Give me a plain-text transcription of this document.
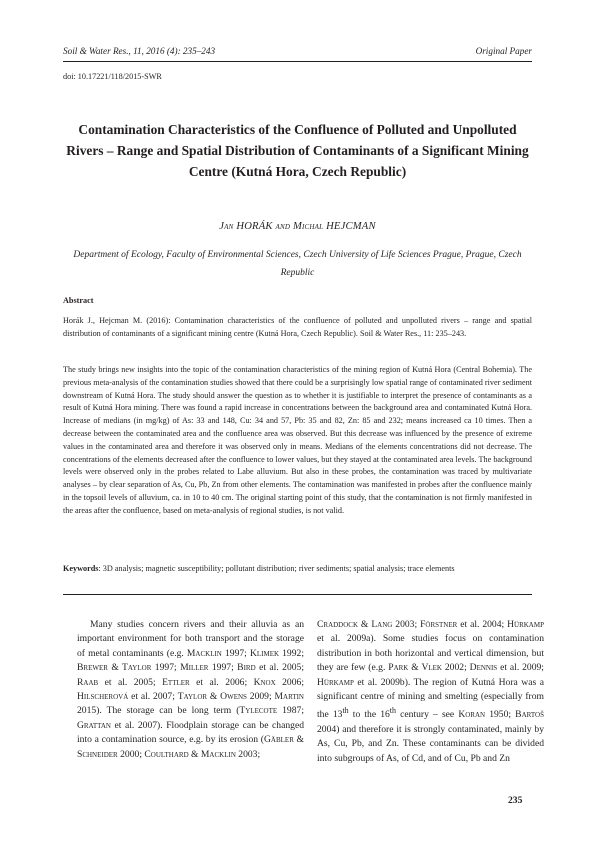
Soil & Water Res., 11, 2016 (4): 235–243	Original Paper
doi: 10.17221/118/2015-SWR
Contamination Characteristics of the Confluence of Polluted and Unpolluted Rivers – Range and Spatial Distribution of Contaminants of a Significant Mining Centre (Kutná Hora, Czech Republic)
Jan HORÁK and Michal HEJCMAN
Department of Ecology, Faculty of Environmental Sciences, Czech University of Life Sciences Prague, Prague, Czech Republic
Abstract
Horák J., Hejcman M. (2016): Contamination characteristics of the confluence of polluted and unpolluted rivers – range and spatial distribution of contaminants of a significant mining centre (Kutná Hora, Czech Republic). Soil & Water Res., 11: 235–243.
The study brings new insights into the topic of the contamination characteristics of the mining region of Kutná Hora (Central Bohemia). The previous meta-analysis of the contamination studies showed that there could be a surprisingly low spatial range of contaminated river sediment downstream of Kutná Hora. The study should answer the question as to whether it is justifiable to interpret the presence of contaminants as a result of Kutná Hora mining. There was found a rapid increase in concentrations between the background area and contaminated Kutná Hora. Increase of medians (in mg/kg) of As: 33 and 148, Cu: 34 and 57, Pb: 35 and 82, Zn: 85 and 232; means increased ca 10 times. Then a decrease between the contaminated area and the confluence area was observed. But this decrease was influenced by the presence of extreme values in the contaminated area and therefore it was observed only in means. Medians of the elements concentrations did not decrease. The concentrations of the elements decreased after the confluence to lower values, but they stayed at the contaminated area levels. The background levels were observed only in the probes related to Labe alluvium. But also in these probes, the contamination was traced by multivariate analyses – by clear separation of As, Cu, Pb, Zn from other elements. The contamination was manifested in probes after the confluence mainly in the topsoil levels of alluvium, ca. in 10 to 40 cm. The original starting point of this study, that the contamination is not firmly manifested in the areas after the confluence, based on meta-analysis of regional studies, is not valid.
Keywords: 3D analysis; magnetic susceptibility; pollutant distribution; river sediments; spatial analysis; trace elements

Many studies concern rivers and their alluvia as an important environment for both transport and the storage of metal contaminants (e.g. Macklin 1997; Klimek 1992; Brewer & Taylor 1997; Miller 1997; Bird et al. 2005; Raab et al. 2005; Ettler et al. 2006; Knox 2006; Hilscherová et al. 2007; Taylor & Owens 2009; Martin 2015). The storage can be long term (Tylecote 1987; Grattan et al. 2007). Floodplain storage can be changed into a contamination source, e.g. by its erosion (Gäbler & Schneider 2000; Coulthard & Macklin 2003;

Craddock & Lang 2003; Förstner et al. 2004; Hürkamp et al. 2009a). Some studies focus on contamination distribution in both horizontal and vertical dimension, but they are few (e.g. Park & Vlek 2002; Dennis et al. 2009; Hürkamp et al. 2009b). The region of Kutná Hora was a significant centre of mining and smelting (especially from the 13th to the 16th century – see Koran 1950; Bartoš 2004) and therefore it is strongly contaminated, mainly by As, Cu, Pb, and Zn. These contaminants can be divided into subgroups of As, of Cd, and of Cu, Pb and Zn

235
